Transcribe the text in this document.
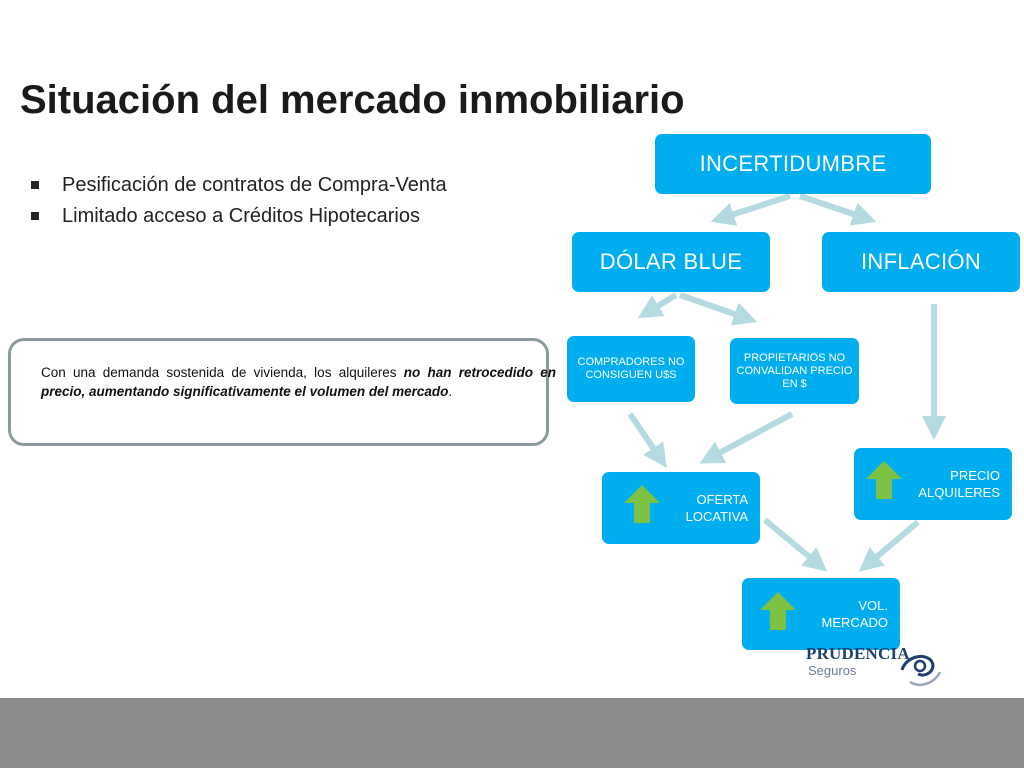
Situación del mercado inmobiliario
Pesificación de contratos de Compra-Venta
Limitado acceso a Créditos Hipotecarios
Con una demanda sostenida de vivienda, los alquileres no han retrocedido en precio, aumentando significativamente el volumen del mercado.
INCERTIDUMBRE
DÓLAR BLUE	INFLACIÓN
COMPRADORES NO CONSIGUEN U$S
PROPIETARIOS NO CONVALIDAN PRECIO EN $
OFERTA LOCATIVA
PRECIO ALQUILERES
VOL. MERCADO
PRUDENCIA
Seguros
